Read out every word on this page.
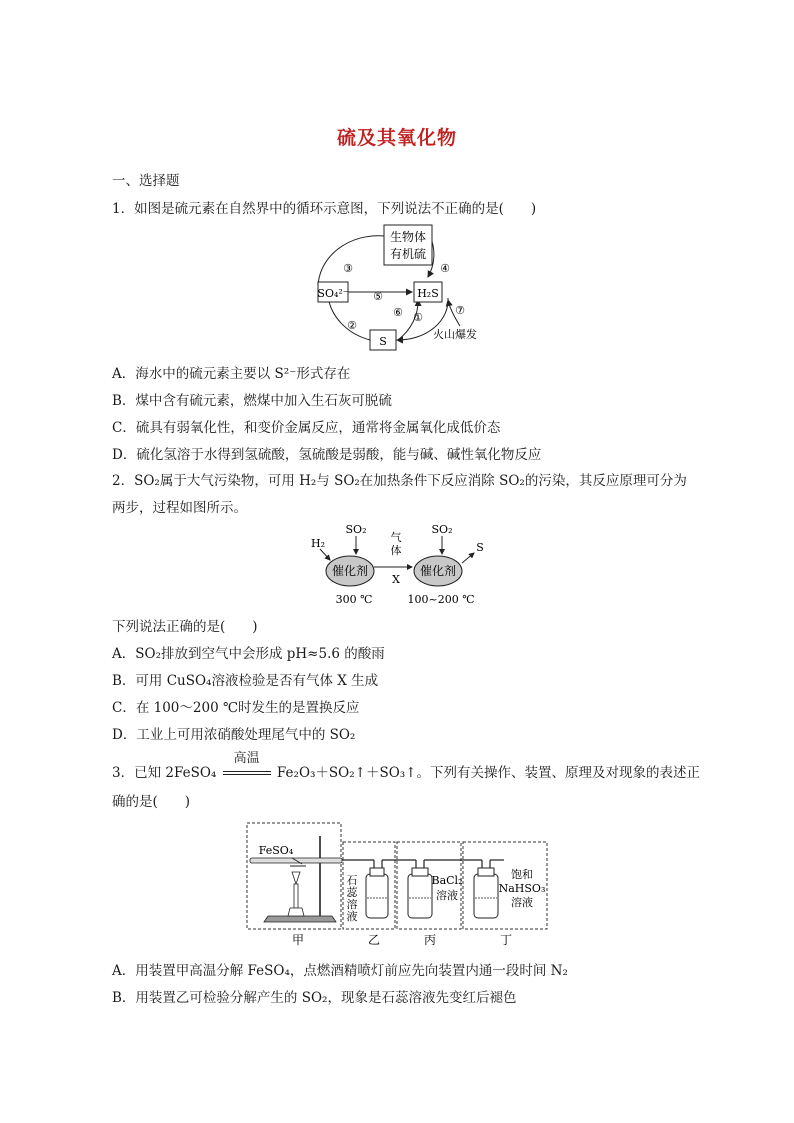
硫及其氧化物
一、选择题
1．如图是硫元素在自然界中的循环示意图，下列说法不正确的是(　　)
生物体
有机硫
SO₄²⁻	H₂S
S
③	④
⑤
②
⑥ ①
⑦
火山爆发
A．海水中的硫元素主要以 S²⁻形式存在
B．煤中含有硫元素，燃煤中加入生石灰可脱硫
C．硫具有弱氧化性，和变价金属反应，通常将金属氧化成低价态
D．硫化氢溶于水得到氢硫酸，氢硫酸是弱酸，能与碱、碱性氧化物反应
2．SO₂属于大气污染物，可用 H₂与 SO₂在加热条件下反应消除 SO₂的污染，其反应原理可分为两步，过程如图所示。
H₂
SO₂	SO₂
催化剂	催化剂
气
体
X
S
300 ℃	100~200 ℃
下列说法正确的是(　　)
A．SO₂排放到空气中会形成 pH≈5.6 的酸雨
B．可用 CuSO₄溶液检验是否有气体 X 生成
C．在 100～200 ℃时发生的是置换反应
D．工业上可用浓硝酸处理尾气中的 SO₂
3．已知 2FeSO₄
高温
Fe₂O₃＋SO₂↑＋SO₃↑。下列有关操作、装置、原理及对现象的表述正
确的是(　　)
FeSO₄
石
蕊
溶
液
BaCl₂
溶液
饱和
NaHSO₃
溶液
甲	乙	丙	丁
A．用装置甲高温分解 FeSO₄，点燃酒精喷灯前应先向装置内通一段时间 N₂
B．用装置乙可检验分解产生的 SO₂，现象是石蕊溶液先变红后褪色
